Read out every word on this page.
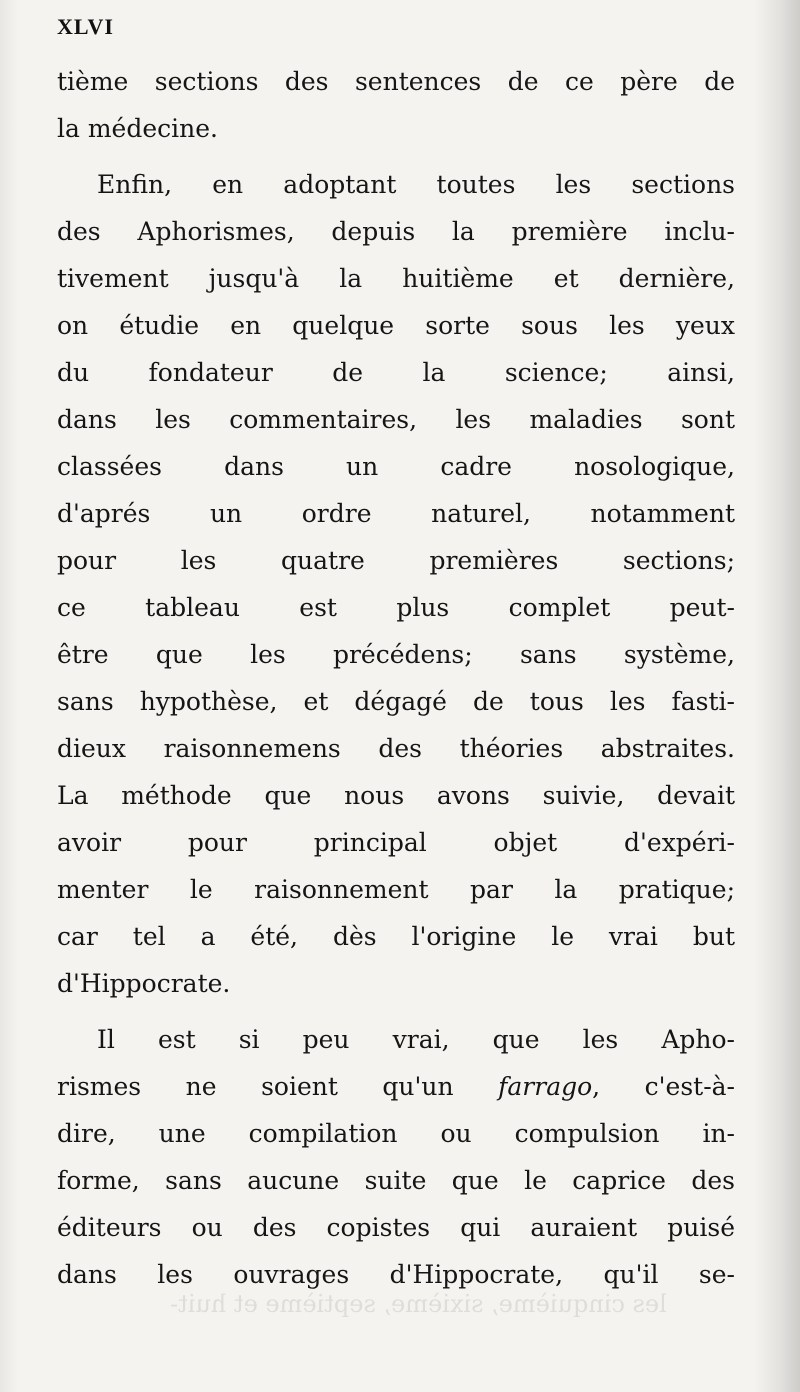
les cinquième, sixième, septième et huit-
XLVI
tième sections des sentences de ce père de
la médecine.
Enfin, en adoptant toutes les sections
des Aphorismes, depuis la première inclu-
tivement jusqu'à la huitième et dernière,
on étudie en quelque sorte sous les yeux
du fondateur de la science; ainsi,
dans les commentaires, les maladies sont
classées dans un cadre nosologique,
d'aprés un ordre naturel, notamment
pour les quatre premières sections;
ce tableau est plus complet peut-
être que les précédens; sans système,
sans hypothèse, et dégagé de tous les fasti-
dieux raisonnemens des théories abstraites.
La méthode que nous avons suivie, devait
avoir pour principal objet d'expéri-
menter le raisonnement par la pratique;
car tel a été, dès l'origine le vrai but
d'Hippocrate.
Il est si peu vrai, que les Apho-
rismes ne soient qu'un farrago, c'est-à-
dire, une compilation ou compulsion in-
forme, sans aucune suite que le caprice des
éditeurs ou des copistes qui auraient puisé
dans les ouvrages d'Hippocrate, qu'il se-
